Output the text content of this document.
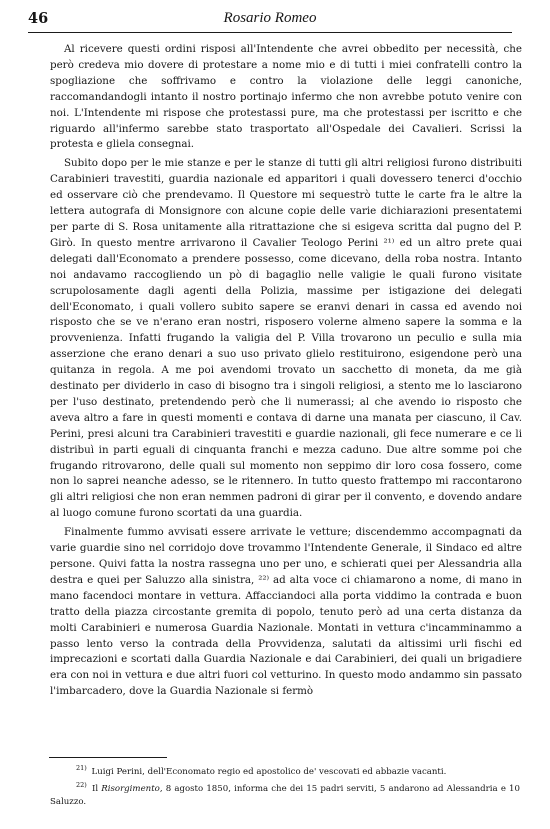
46	Rosario Romeo

Al ricevere questi ordini risposi all'Intendente che avrei obbedito per necessità, che però credeva mio dovere di protestare a nome mio e di tutti i miei confratelli contro la spogliazione che soffrivamo e contro la violazione delle leggi canoniche, raccomandandogli intanto il nostro portinajo infermo che non avrebbe potuto venire con noi. L'Intendente mi rispose che protestassi pure, ma che protestassi per iscritto e che riguardo all'infermo sarebbe stato trasportato all'Ospedale dei Cavalieri. Scrissi la protesta e gliela consegnai.

Subito dopo per le mie stanze e per le stanze di tutti gli altri religiosi furono distribuiti Carabinieri travestiti, guardia nazionale ed apparitori i quali dovessero tenerci d'occhio ed osservare ciò che prendevamo. Il Questore mi sequestrò tutte le carte fra le altre la lettera autografa di Monsignore con alcune copie delle varie dichiarazioni presentatemi per parte di S. Rosa unitamente alla ritrattazione che si esigeva scritta dal pugno del P. Girò. In questo mentre arrivarono il Cavalier Teologo Perini ²¹⁾ ed un altro prete quai delegati dall'Economato a prendere possesso, come dicevano, della roba nostra. Intanto noi andavamo raccogliendo un pò di bagaglio nelle valigie le quali furono visitate scrupolosamente dagli agenti della Polizia, massime per istigazione dei delegati dell'Economato, i quali vollero subito sapere se eranvi denari in cassa ed avendo noi risposto che se ve n'erano eran nostri, risposero volerne almeno sapere la somma e la provvenienza. Infatti frugando la valigia del P. Villa trovarono un peculio e sulla mia asserzione che erano denari a suo uso privato glielo restituirono, esigendone però una quitanza in regola. A me poi avendomi trovato un sacchetto di moneta, da me già destinato per dividerlo in caso di bisogno tra i singoli religiosi, a stento me lo lasciarono per l'uso destinato, pretendendo però che li numerassi; al che avendo io risposto che aveva altro a fare in questi momenti e contava di darne una manata per ciascuno, il Cav. Perini, presi alcuni tra Carabinieri travestiti e guardie nazionali, gli fece numerare e ce li distribuì in parti eguali di cinquanta franchi e mezza caduno. Due altre somme poi che frugando ritrovarono, delle quali sul momento non seppimo dir loro cosa fossero, come non lo saprei neanche adesso, se le ritennero. In tutto questo frattempo mi raccontarono gli altri religiosi che non eran nemmen padroni di girar per il convento, e dovendo andare al luogo comune furono scortati da una guardia.

Finalmente fummo avvisati essere arrivate le vetture; discendemmo accompagnati da varie guardie sino nel corridojo dove trovammo l'Intendente Generale, il Sindaco ed altre persone. Quivi fatta la nostra rassegna uno per uno, e schierati quei per Alessandria alla destra e quei per Saluzzo alla sinistra, ²²⁾ ad alta voce ci chiamarono a nome, di mano in mano facendoci montare in vettura. Affacciandoci alla porta viddimo la contrada e buon tratto della piazza circostante gremita di popolo, tenuto però ad una certa distanza da molti Carabinieri e numerosa Guardia Nazionale. Montati in vettura c'incamminammo a passo lento verso la contrada della Provvidenza, salutati da altissimi urli fischi ed imprecazioni e scortati dalla Guardia Nazionale e dai Carabinieri, dei quali un brigadiere era con noi in vettura e due altri fuori col vetturino. In questo modo andammo sin passato l'imbarcadero, dove la Guardia Nazionale si fermò

$^{21)}$ Luigi Perini, dell'Economato regio ed apostolico de' vescovati ed abbazie vacanti.

$^{22)}$ Il Risorgimento, 8 agosto 1850, informa che dei 15 padri serviti, 5 andarono ad Alessandria e 10 Saluzzo.
